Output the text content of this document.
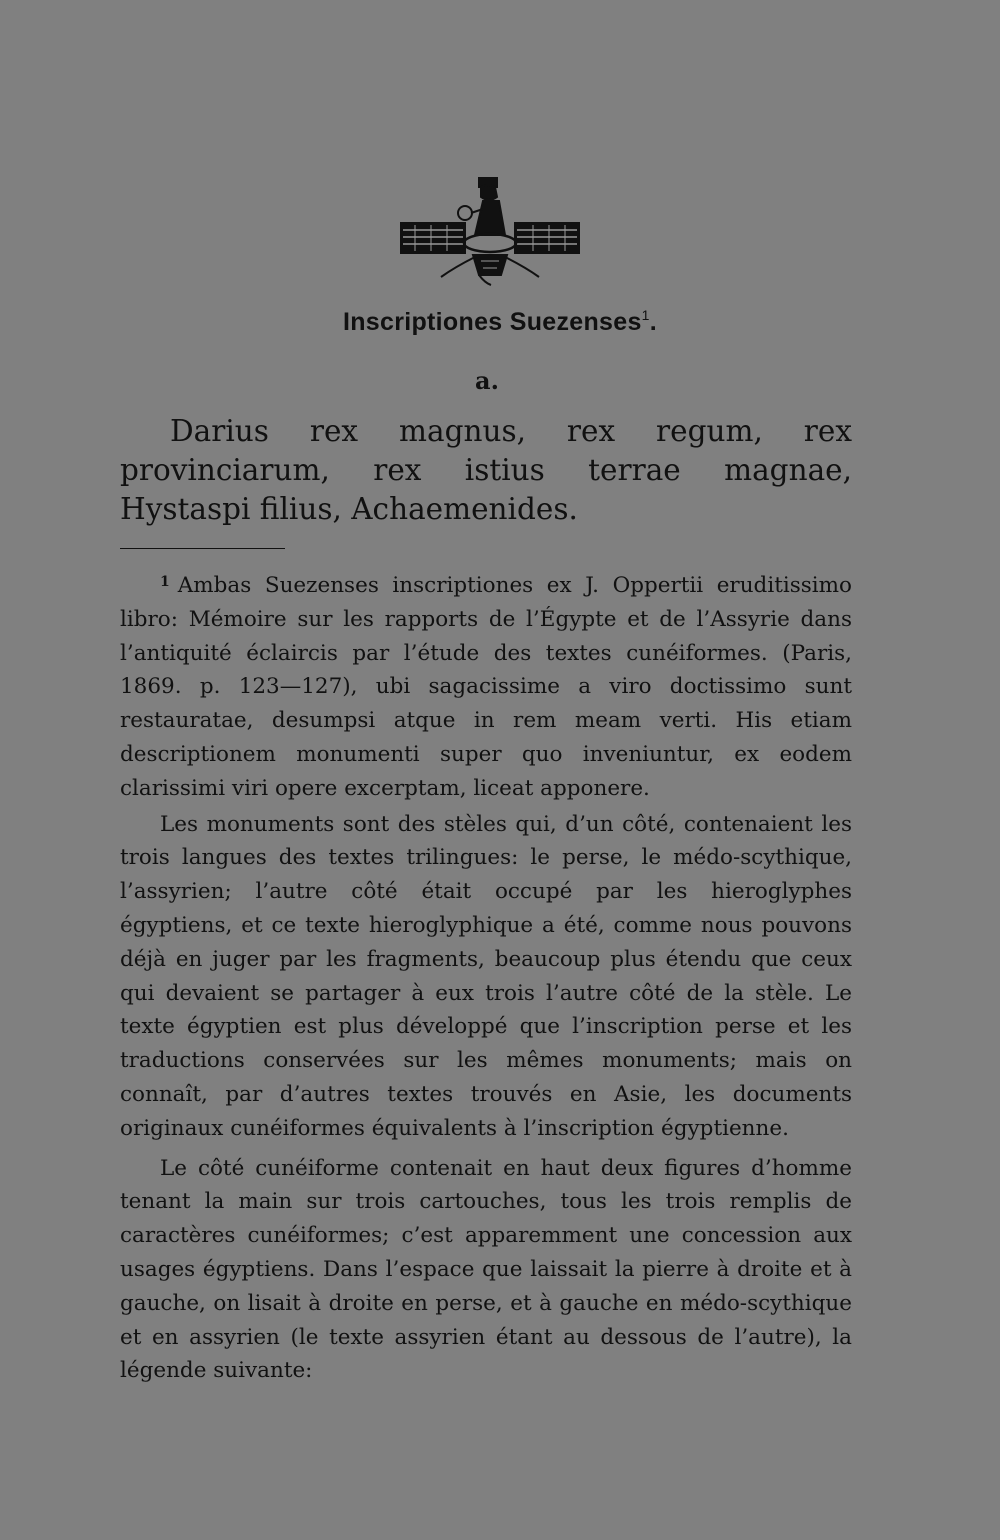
Inscriptiones Suezenses$^1$.
a.

Darius rex magnus, rex regum, rex provinciarum, rex istius terrae magnae, Hystaspi filius, Achaemenides.

$^1$ Ambas Suezenses inscriptiones ex J. Oppertii eruditissimo libro: Mémoire sur les rapports de l’Égypte et de l’Assyrie dans l’antiquité éclaircis par l’étude des textes cunéiformes. (Paris, 1869. p. 123—127), ubi sagacissime a viro doctissimo sunt restauratae, desumpsi atque in rem meam verti. His etiam descriptionem monumenti super quo inveniuntur, ex eodem clarissimi viri opere excerptam, liceat apponere.

Les monuments sont des stèles qui, d’un côté, contenaient les trois langues des textes trilingues: le perse, le médo-scythique, l’assyrien; l’autre côté était occupé par les hieroglyphes égyptiens, et ce texte hieroglyphique a été, comme nous pouvons déjà en juger par les fragments, beaucoup plus étendu que ceux qui devaient se partager à eux trois l’autre côté de la stèle. Le texte égyptien est plus développé que l’inscription perse et les traductions conservées sur les mêmes monuments; mais on connaît, par d’autres textes trouvés en Asie, les documents originaux cunéiformes équivalents à l’inscription égyptienne.

Le côté cunéiforme contenait en haut deux figures d’homme tenant la main sur trois cartouches, tous les trois remplis de caractères cunéiformes; c’est apparemment une concession aux usages égyptiens. Dans l’espace que laissait la pierre à droite et à gauche, on lisait à droite en perse, et à gauche en médo-scythique et en assyrien (le texte assyrien étant au dessous de l’autre), la légende suivante:
